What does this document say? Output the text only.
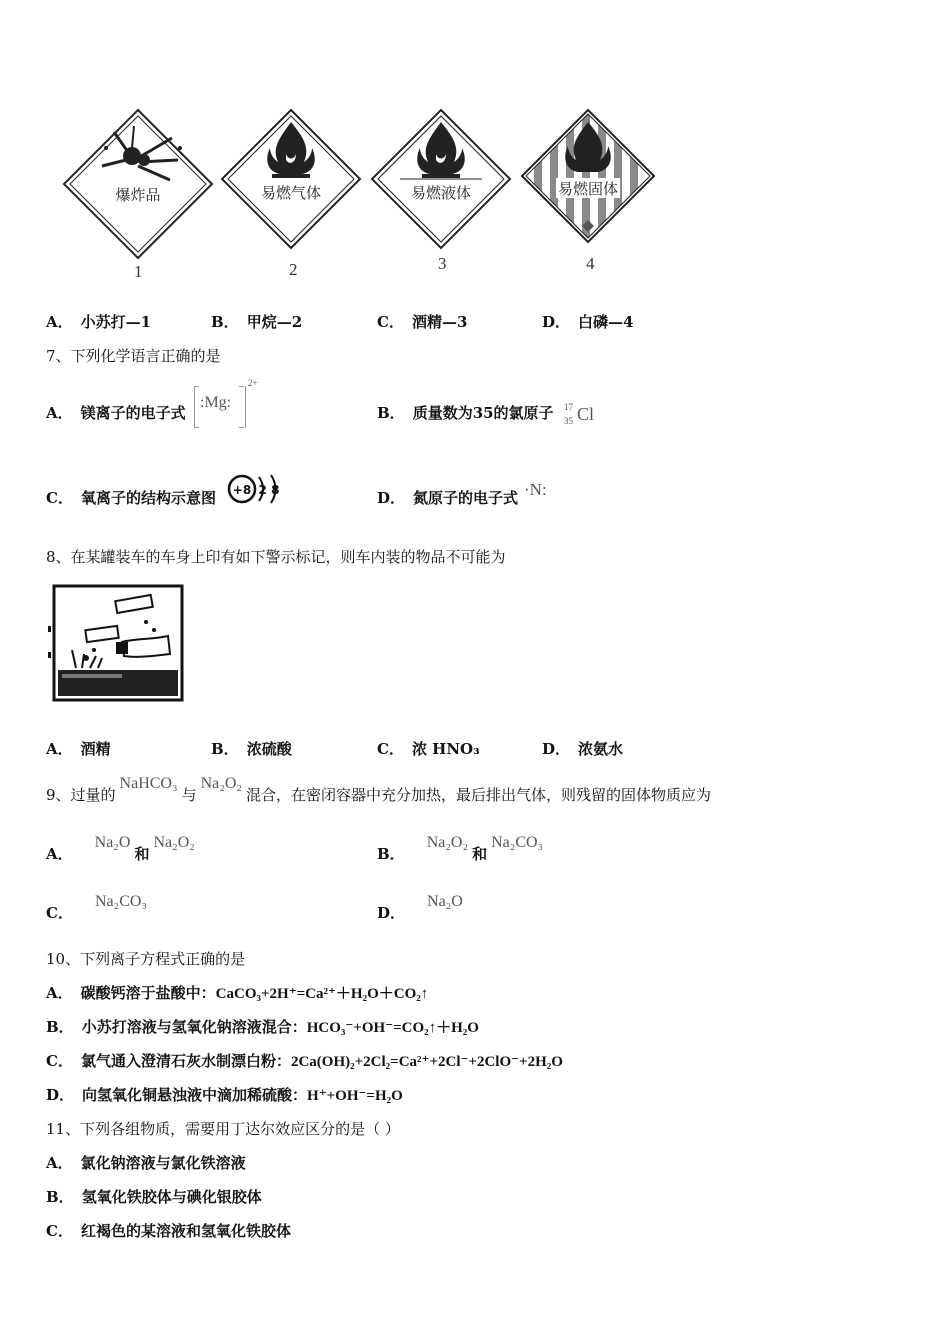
爆炸品
1
易燃气体
2
易燃液体
3
易燃固体
4
A． 小苏打—1	B． 甲烷—2	C． 酒精—3	D． 白磷—4
7、下列化学语言正确的是
A． 镁离子的电子式
:Mg:
2+
B． 质量数为35的氯原子 17
35 Cl
C． 氧离子的结构示意图 +8 2 8	D． 氮原子的电子式 ·N:
8、在某罐装车的车身上印有如下警示标记，则车内装的物品不可能为
A． 酒精	B． 浓硫酸	C． 浓 HNO₃	D． 浓氨水
9、过量的NaHCO₃与Na₂O₂混合，在密闭容器中充分加热，最后排出气体，则残留的固体物质应为
A．Na₂O和Na₂O₂
B．Na₂O₂和Na₂CO₃
C．Na₂CO₃
D．Na₂O
10、下列离子方程式正确的是
A． 碳酸钙溶于盐酸中：CaCO₃+2H⁺=Ca²⁺＋H₂O＋CO₂↑
B． 小苏打溶液与氢氧化钠溶液混合：HCO₃⁻+OH⁻=CO₂↑＋H₂O
C． 氯气通入澄清石灰水制漂白粉：2Ca(OH)₂+2Cl₂=Ca²⁺+2Cl⁻+2ClO⁻+2H₂O
D． 向氢氧化铜悬浊液中滴加稀硫酸：H⁺+OH⁻=H₂O
11、下列各组物质，需要用丁达尔效应区分的是（ ）
A． 氯化钠溶液与氯化铁溶液
B． 氢氧化铁胶体与碘化银胶体
C． 红褐色的某溶液和氢氧化铁胶体
